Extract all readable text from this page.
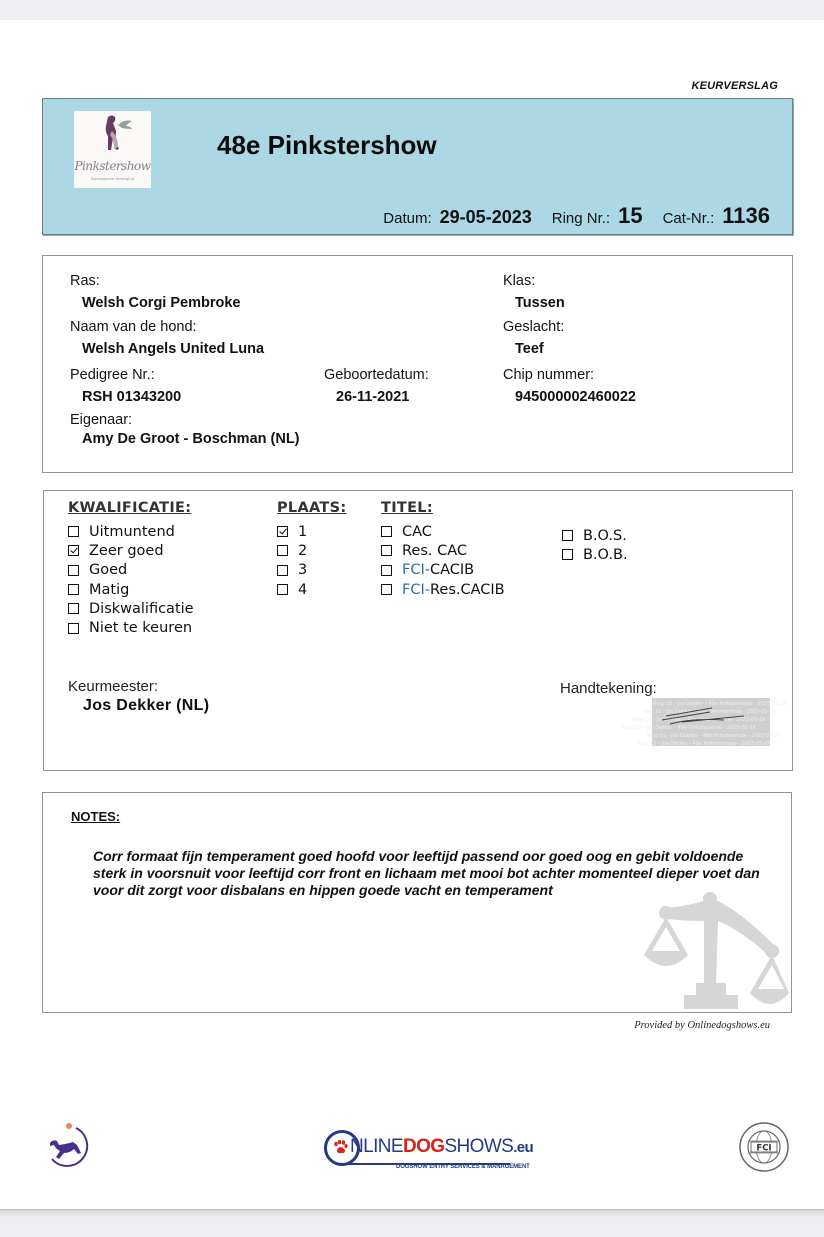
KEURVERSLAG
Pinkstershow
Kynologische Vereniging
48e Pinkstershow
Datum: 29-05-2023 Ring Nr.: 15 Cat-Nr.: 1136
Ras:
Welsh Corgi Pembroke
Naam van de hond:
Welsh Angels United Luna
Pedigree Nr.:
RSH 01343200
Geboortedatum:
26-11-2021
Eigenaar:
Amy De Groot - Boschman (NL)
Klas:
Tussen
Geslacht:
Teef
Chip nummer:
945000002460022
KWALIFICATIE:
Uitmuntend
Zeer goed
Goed
Matig
Diskwalificatie
Niet te keuren
PLAATS:
1
2
3
4
TITEL:
CAC
Res. CAC
FCI- CACIB
FCI- Res.CACIB
B.O.S.
B.O.B.
Keurmeester:
Jos Dekker (NL)
Handtekening:
Ring 15 - Jos Dekker - 48e Pinkstershow - 2023-05-29
Ring 15 - Jos Dekker - 48e Pinkstershow - 2023-05-29
Ring 15 - Jos Dekker - 48e Pinkstershow - 2023-05-29
Ring 15 - Jos Dekker - 48e Pinkstershow - 2023-05-29
Ring 15 - Jos Dekker - 48e Pinkstershow - 2023-05-29
Ring 15 - Jos Dekker - 48e Pinkstershow - 2023-05-29
NOTES:
Corr formaat fijn temperament goed hoofd voor leeftijd passend oor goed oog en gebit voldoende sterk in voorsnuit voor leeftijd corr front en lichaam met mooi bot achter momenteel dieper voet dan voor dit zorgt voor disbalans en hippen goede vacht en temperament
Provided by Onlinedogshows.eu
NLINEDOGSHOWS.eu
DOGSHOW ENTRY SERVICES & MANAGEMENT
FCI
